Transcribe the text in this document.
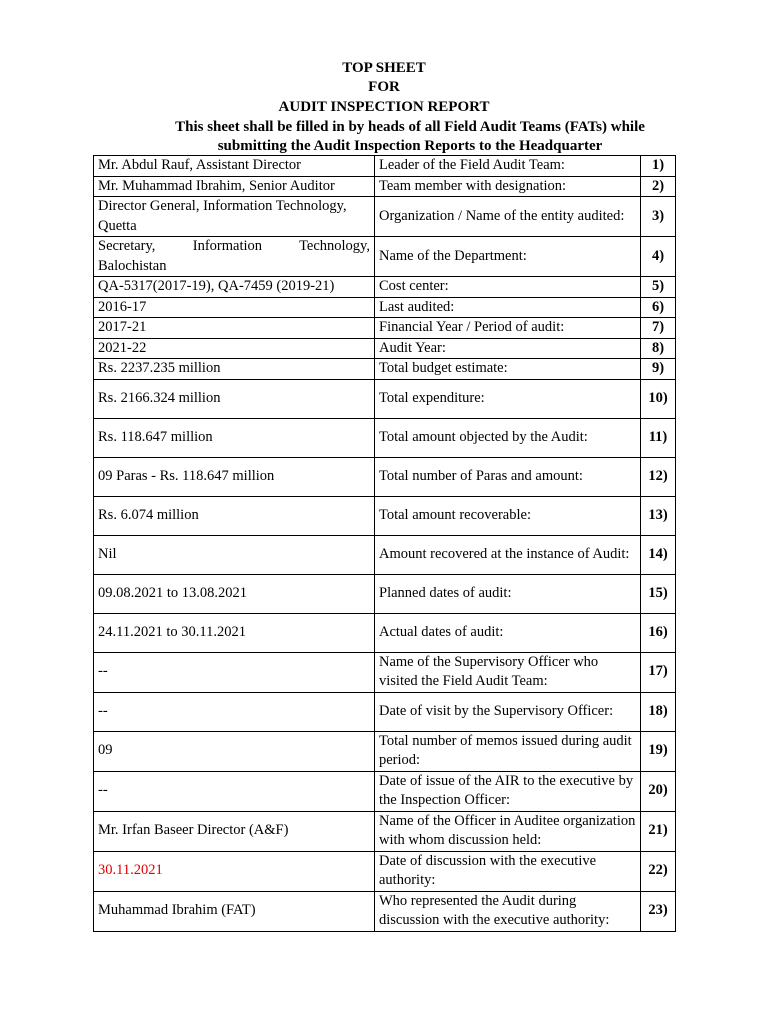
TOP SHEET
FOR
AUDIT INSPECTION REPORT
This sheet shall be filled in by heads of all Field Audit Teams (FATs) while
submitting the Audit Inspection Reports to the Headquarter
Mr. Abdul Rauf, Assistant Director	Leader of the Field Audit Team:	1)
Mr. Muhammad Ibrahim, Senior Auditor	Team member with designation:	2)
Director General, Information Technology, Quetta	Organization / Name of the entity audited:	3)
Secretary, Information Technology, Balochistan	Name of the Department:	4)
QA-5317(2017-19), QA-7459 (2019-21)	Cost center:	5)
2016-17	Last audited:	6)
2017-21	Financial Year / Period of audit:	7)
2021-22	Audit Year:	8)
Rs. 2237.235 million	Total budget estimate:	9)
Rs. 2166.324 million	Total expenditure:	10)
Rs. 118.647 million	Total amount objected by the Audit:	11)
09 Paras - Rs. 118.647 million	Total number of Paras and amount:	12)
Rs. 6.074 million	Total amount recoverable:	13)
Nil	Amount recovered at the instance of Audit:	14)
09.08.2021 to 13.08.2021	Planned dates of audit:	15)
24.11.2021 to 30.11.2021	Actual dates of audit:	16)
--	Name of the Supervisory Officer who visited the Field Audit Team:	17)
--	Date of visit by the Supervisory Officer:	18)
09	Total number of memos issued during audit period:	19)
--	Date of issue of the AIR to the executive by the Inspection Officer:	20)
Mr. Irfan Baseer Director (A&F)	Name of the Officer in Auditee organization with whom discussion held:	21)
30.11.2021	Date of discussion with the executive authority:	22)
Muhammad Ibrahim (FAT)	Who represented the Audit during discussion with the executive authority:	23)
